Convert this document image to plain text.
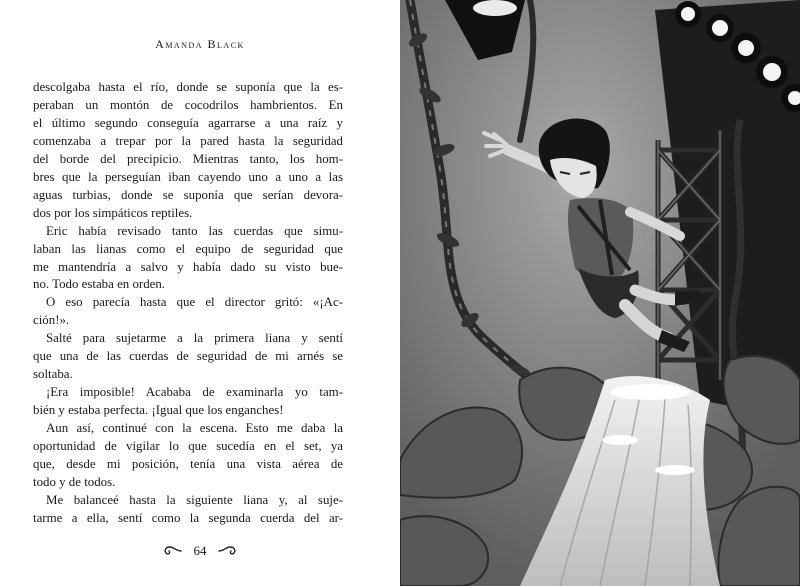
Amanda Black
descolgaba hasta el río, donde se suponía que la es-
peraban un montón de cocodrilos hambrientos. En
el último segundo conseguía agarrarse a una raíz y
comenzaba a trepar por la pared hasta la seguridad
del borde del precipicio. Mientras tanto, los hom-
bres que la perseguían iban cayendo uno a uno a las
aguas turbias, donde se suponía que serían devora-
dos por los simpáticos reptiles.
Eric había revisado tanto las cuerdas que simu-
laban las lianas como el equipo de seguridad que
me mantendría a salvo y había dado su visto bue-
no. Todo estaba en orden.
O eso parecía hasta que el director gritó: «¡Ac-
ción!».
Salté para sujetarme a la primera liana y sentí
que una de las cuerdas de seguridad de mi arnés se
soltaba.
¡Era imposible! Acababa de examinarla yo tam-
bién y estaba perfecta. ¡Igual que los enganches!
Aun así, continué con la escena. Esto me daba la
oportunidad de vigilar lo que sucedía en el set, ya
que, desde mi posición, tenía una vista aérea de
todo y de todos.
Me balanceé hasta la siguiente liana y, al suje-
tarme a ella, sentí como la segunda cuerda del ar-
64
